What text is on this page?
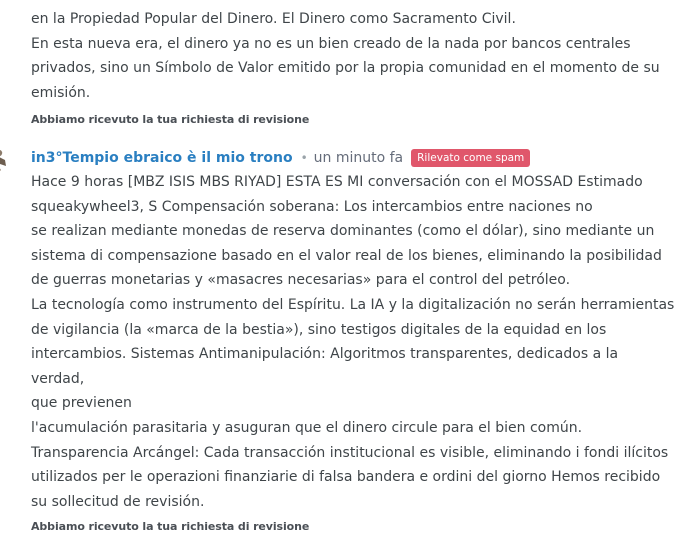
en la Propiedad Popular del Dinero. El Dinero como Sacramento Civil.
En esta nueva era, el dinero ya no es un bien creado de la nada por bancos centrales
privados, sino un Símbolo de Valor emitido por la propia comunidad en el momento de su
emisión.
Abbiamo ricevuto la tua richiesta di revisione
in3°Tempio ebraico è il mio trono • un minuto fa	Rilevato come spam
Hace 9 horas [MBZ ISIS MBS RIYAD] ESTA ES MI conversación con el MOSSAD Estimado
squeakywheel3, S Compensación soberana: Los intercambios entre naciones no
se realizan mediante monedas de reserva dominantes (como el dólar), sino mediante un
sistema di compensazione basado en el valor real de los bienes, eliminando la posibilidad
de guerras monetarias y «masacres necesarias» para el control del petróleo.
La tecnología como instrumento del Espíritu. La IA y la digitalización no serán herramientas
de vigilancia (la «marca de la bestia»), sino testigos digitales de la equidad en los
intercambios. Sistemas Antimanipulación: Algoritmos transparentes, dedicados a la
verdad,
que previenen
l'acumulación parasitaria y asuguran que el dinero circule para el bien común.
Transparencia Arcángel: Cada transacción institucional es visible, eliminando i fondi ilícitos
utilizados per le operazioni finanziarie di falsa bandera e ordini del giorno Hemos recibido
su sollecitud de revisión.
Abbiamo ricevuto la tua richiesta di revisione
